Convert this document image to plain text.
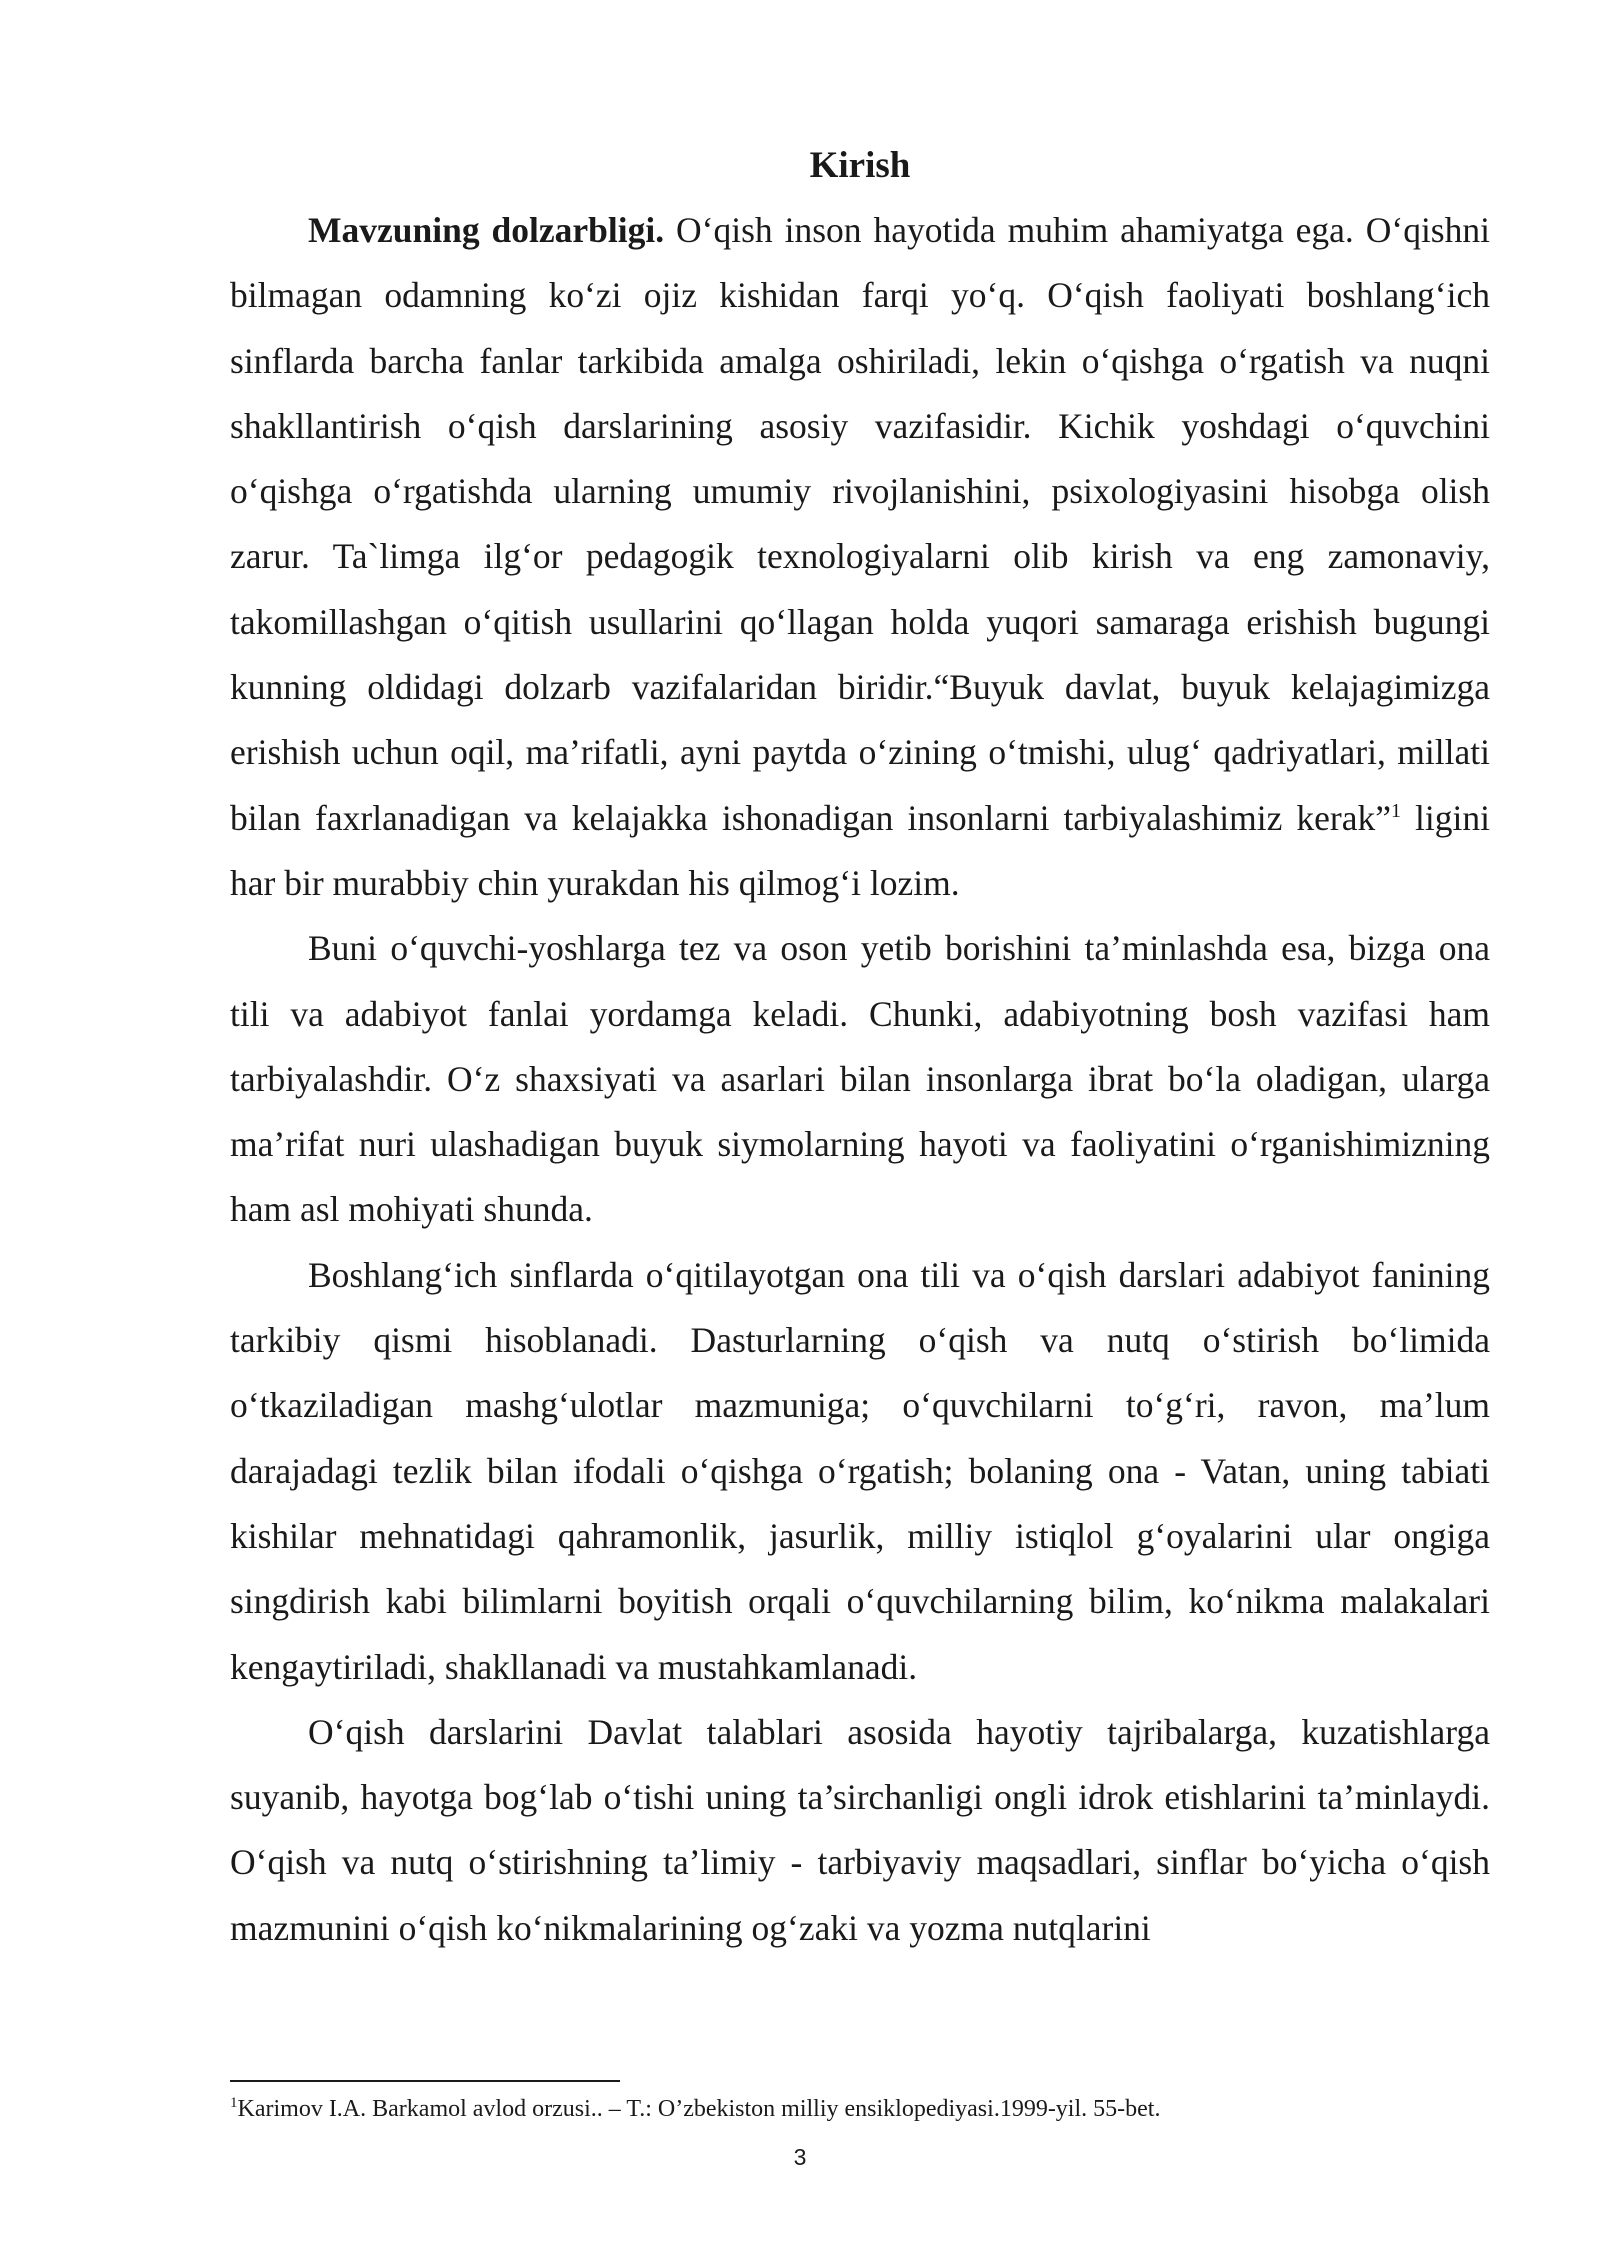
Kirish

Mavzuning dolzarbligi. O‘qish inson hayotida muhim ahamiyatga ega. O‘qishni bilmagan odamning ko‘zi ojiz kishidan farqi yo‘q. O‘qish faoliyati boshlang‘ich sinflarda barcha fanlar tarkibida amalga oshiriladi, lekin o‘qishga o‘rgatish va nuqni shakllantirish o‘qish darslarining asosiy vazifasidir. Kichik yoshdagi o‘quvchini o‘qishga o‘rgatishda ularning umumiy rivojlanishini, psixologiyasini hisobga olish zarur. Ta`limga ilg‘or pedagogik texnologiyalarni olib kirish va eng zamonaviy, takomillashgan o‘qitish usullarini qo‘llagan holda yuqori samaraga erishish bugungi kunning oldidagi dolzarb vazifalaridan biridir.“Buyuk davlat, buyuk kelajagimizga erishish uchun oqil, ma’rifatli, ayni paytda o‘zining o‘tmishi, ulug‘ qadriyatlari, millati bilan faxrlanadigan va kelajakka ishonadigan insonlarni tarbiyalashimiz kerak”$^1$ ligini har bir murabbiy chin yurakdan his qilmog‘i lozim.

Buni o‘quvchi-yoshlarga tez va oson yetib borishini ta’minlashda esa, bizga ona tili va adabiyot fanlai yordamga keladi. Chunki, adabiyotning bosh vazifasi ham tarbiyalashdir. O‘z shaxsiyati va asarlari bilan insonlarga ibrat bo‘la oladigan, ularga ma’rifat nuri ulashadigan buyuk siymolarning hayoti va faoliyatini o‘rganishimizning ham asl mohiyati shunda.

Boshlang‘ich sinflarda o‘qitilayotgan ona tili va o‘qish darslari adabiyot fanining tarkibiy qismi hisoblanadi. Dasturlarning o‘qish va nutq o‘stirish bo‘limida o‘tkaziladigan mashg‘ulotlar mazmuniga; o‘quvchilarni to‘g‘ri, ravon, ma’lum darajadagi tezlik bilan ifodali o‘qishga o‘rgatish; bolaning ona - Vatan, uning tabiati kishilar mehnatidagi qahramonlik, jasurlik, milliy istiqlol g‘oyalarini ular ongiga singdirish kabi bilimlarni boyitish orqali o‘quvchilarning bilim, ko‘nikma malakalari kengaytiriladi, shakllanadi va mustahkamlanadi.

O‘qish darslarini Davlat talablari asosida hayotiy tajribalarga, kuzatishlarga suyanib, hayotga bog‘lab o‘tishi uning ta’sirchanligi ongli idrok etishlarini ta’minlaydi. O‘qish va nutq o‘stirishning ta’limiy - tarbiyaviy maqsadlari, sinflar bo‘yicha o‘qish mazmunini o‘qish ko‘nikmalarining og‘zaki va yozma nutqlarini

$^1$Karimov I.A. Barkamol avlod orzusi.. – T.: O’zbekiston milliy ensiklopediyasi.1999-yil. 55-bet.

3
